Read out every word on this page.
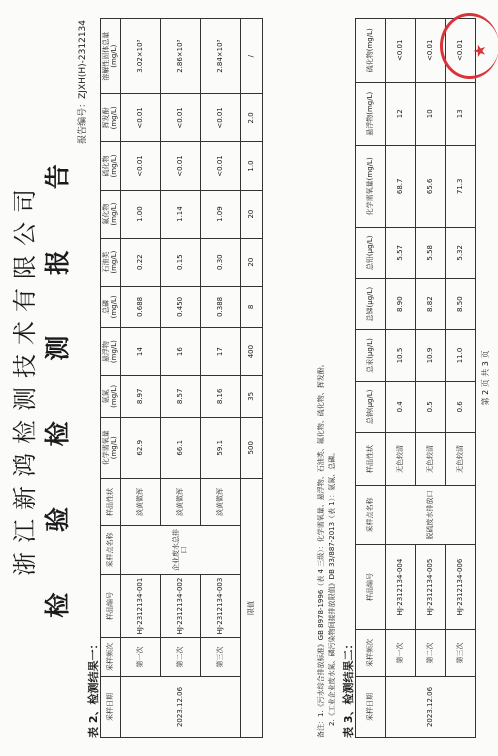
浙江新鸿检测技术有限公司 检 验 检 测 报 告
报告编号：ZJXH(H)-2312134
表 2、检测结果一： 采样日期	采样频次	样品编号	采样点名称	样品性状	化学需氧量(mg/L)	氨氮(mg/L)	悬浮物(mg/L)	总磷(mg/L)	石油类(mg/L)	氟化物(mg/L)	硫化物(mg/L)	挥发酚(mg/L)	溶解性固体总量(mg/L)
2023.12.06	第一次	HJ-2312134-001	企业废水总排口	淡黄微浑	62.9	8.97	14	0.688	0.22	1.00	<0.01	<0.01	3.02×10³
	第二次	HJ-2312134-002		淡黄微浑	66.1	8.57	16	0.450	0.15	1.14	<0.01	<0.01	2.86×10³
	第三次	HJ-2312134-003		淡黄微浑	59.1	8.16	17	0.388	0.30	1.09	<0.01	<0.01	2.84×10³
限值					500	35	400	8	20	20	1.0	2.0	/
备注：1.《污水综合排放标准》GB 8978-1996（表 4 三级）：化学需氧量、悬浮物、石油类、氟化物、硫化物、挥发酚。 2.《工业企业废水氮、磷污染物间接排放限值》DB 33/887-2013（表 1）：氨氮、总磷。 表 3、检测结果二： 采样日期	采样频次	样品编号	采样点名称	样品性状	总钠(μg/L)	总汞(μg/L)	总锑(μg/L)	总铅(μg/L)	化学需氧量(mg/L)	悬浮物(mg/L)	硫化物(mg/L)
2023.12.06	第一次	HJ-2312134-004	脱硫废水排放口	无色较清	0.4	10.5	8.90	5.57	68.7	12	<0.01
	第二次	HJ-2312134-005		无色较清	0.5	10.9	8.82	5.58	65.6	10	<0.01
	第三次	HJ-2312134-006		无色较清	0.6	11.0	8.50	5.32	71.3	13	<0.01
第 2 页 共 3 页
★
